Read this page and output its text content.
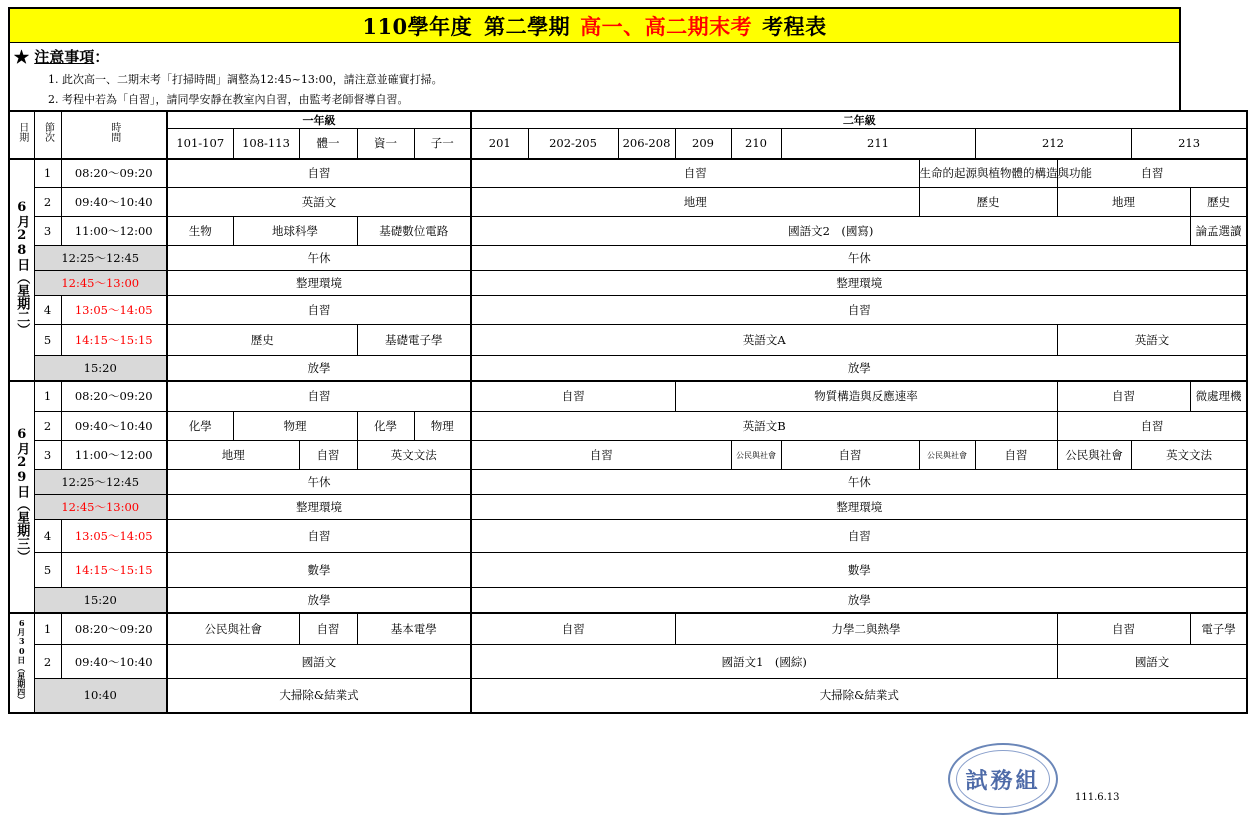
110學年度 第二學期 高一、高二期末考 考程表
★ 注意事項：
1. 此次高一、二期末考「打掃時間」調整為12:45~13:00，請注意並確實打掃。
2. 考程中若為「自習」，請同學安靜在教室內自習，由監考老師督導自習。
日期	節次	時間	一年級					二年級											
			101-107	108-113	體一	資一	子一	201	202-205	206-208	209	210	211		212		213			
6月28日（星期二）	1	08:20～09:20	自習					自習						生命的起源與植物體的構造與功能		自習			
	2	09:40～10:40	英語文					地理						歷史		地理		歷史	
	3	11:00～12:00	生物	地球科學		基礎數位電路		國語文2　(國寫)										論孟選讀	
	12:25～12:45		午休					午休											
	12:45～13:00		整理環境					整理環境											
	4	13:05～14:05	自習					自習											
	5	14:15～15:15	歷史			基礎電子學		英語文A								英語文			
	15:20		放學					放學											
6月29日（星期三）	1	08:20～09:20	自習					自習			物質構造與反應速率					自習		微處理機	
	2	09:40～10:40	化學	物理		化學	物理	英語文B								自習			
	3	11:00～12:00	地理		自習	英文文法		自習				公民與社會	自習	公民與社會	自習	公民與社會	英文文法		
	12:25～12:45		午休					午休											
	12:45～13:00		整理環境					整理環境											
	4	13:05～14:05	自習					自習											
	5	14:15～15:15	數學					數學											
	15:20		放學					放學											
6月30日（星期四）	1	08:20～09:20	公民與社會		自習	基本電學		自習			力學二與熱學					自習		電子學	
	2	09:40～10:40	國語文					國語文1　(國綜)								國語文			
	10:40		大掃除&結業式					大掃除&結業式											
試務組
111.6.13
